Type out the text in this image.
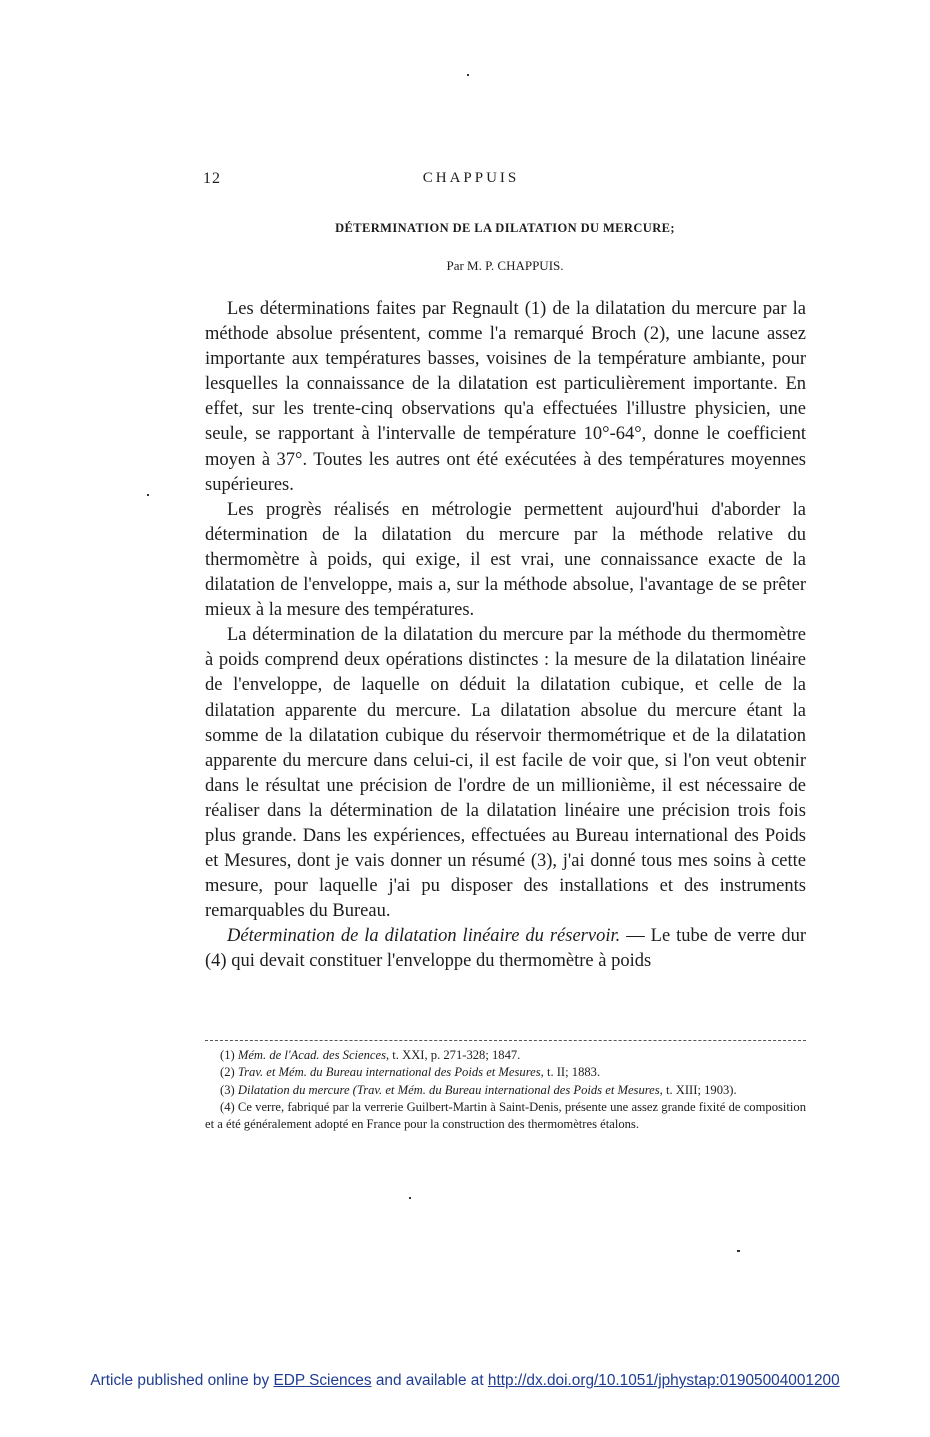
12	CHAPPUIS
DÉTERMINATION DE LA DILATATION DU MERCURE;
Par M. P. CHAPPUIS.

Les déterminations faites par Regnault (1) de la dilatation du mercure par la méthode absolue présentent, comme l'a remarqué Broch (2), une lacune assez importante aux températures basses, voisines de la température ambiante, pour lesquelles la connaissance de la dilatation est particulièrement importante. En effet, sur les trente-cinq observations qu'a effectuées l'illustre physicien, une seule, se rapportant à l'intervalle de température 10°-64°, donne le coefficient moyen à 37°. Toutes les autres ont été exécutées à des températures moyennes supérieures.

Les progrès réalisés en métrologie permettent aujourd'hui d'aborder la détermination de la dilatation du mercure par la méthode relative du thermomètre à poids, qui exige, il est vrai, une connaissance exacte de la dilatation de l'enveloppe, mais a, sur la méthode absolue, l'avantage de se prêter mieux à la mesure des températures.

La détermination de la dilatation du mercure par la méthode du thermomètre à poids comprend deux opérations distinctes : la mesure de la dilatation linéaire de l'enveloppe, de laquelle on déduit la dilatation cubique, et celle de la dilatation apparente du mercure. La dilatation absolue du mercure étant la somme de la dilatation cubique du réservoir thermométrique et de la dilatation apparente du mercure dans celui-ci, il est facile de voir que, si l'on veut obtenir dans le résultat une précision de l'ordre de un millionième, il est nécessaire de réaliser dans la détermination de la dilatation linéaire une précision trois fois plus grande. Dans les expériences, effectuées au Bureau international des Poids et Mesures, dont je vais donner un résumé (3), j'ai donné tous mes soins à cette mesure, pour laquelle j'ai pu disposer des installations et des instruments remarquables du Bureau.

Détermination de la dilatation linéaire du réservoir. — Le tube de verre dur (4) qui devait constituer l'enveloppe du thermomètre à poids

(1) Mém. de l'Acad. des Sciences, t. XXI, p. 271-328; 1847.

(2) Trav. et Mém. du Bureau international des Poids et Mesures, t. II; 1883.

(3) Dilatation du mercure (Trav. et Mém. du Bureau international des Poids et Mesures, t. XIII; 1903).

(4) Ce verre, fabriqué par la verrerie Guilbert-Martin à Saint-Denis, présente une assez grande fixité de composition et a été généralement adopté en France pour la construction des thermomètres étalons.

Article published online by EDP Sciences and available at http://dx.doi.org/10.1051/jphystap:01905004001200
